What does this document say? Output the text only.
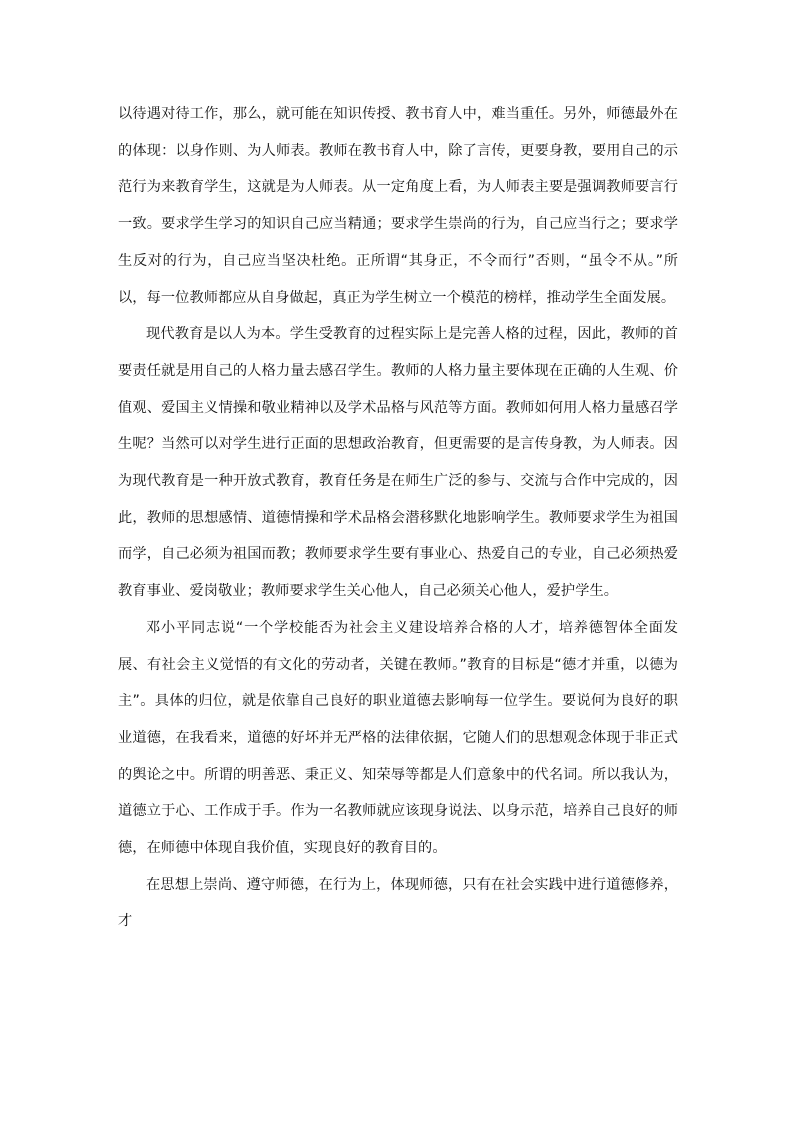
以待遇对待工作，那么，就可能在知识传授、教书育人中，难当重任。另外，师德最外在的体现：以身作则、为人师表。教师在教书育人中，除了言传，更要身教，要用自己的示范行为来教育学生，这就是为人师表。从一定角度上看，为人师表主要是强调教师要言行一致。要求学生学习的知识自己应当精通；要求学生崇尚的行为，自己应当行之；要求学生反对的行为，自己应当坚决杜绝。正所谓“其身正，不令而行”否则，“虽令不从。”所以，每一位教师都应从自身做起，真正为学生树立一个模范的榜样，推动学生全面发展。

现代教育是以人为本。学生受教育的过程实际上是完善人格的过程，因此，教师的首要责任就是用自己的人格力量去感召学生。教师的人格力量主要体现在正确的人生观、价值观、爱国主义情操和敬业精神以及学术品格与风范等方面。教师如何用人格力量感召学生呢？当然可以对学生进行正面的思想政治教育，但更需要的是言传身教，为人师表。因为现代教育是一种开放式教育，教育任务是在师生广泛的参与、交流与合作中完成的，因此，教师的思想感情、道德情操和学术品格会潜移默化地影响学生。教师要求学生为祖国而学，自己必须为祖国而教；教师要求学生要有事业心、热爱自己的专业，自己必须热爱教育事业、爱岗敬业；教师要求学生关心他人，自己必须关心他人，爱护学生。

邓小平同志说“一个学校能否为社会主义建设培养合格的人才，培养德智体全面发展、有社会主义觉悟的有文化的劳动者，关键在教师。”教育的目标是“德才并重，以德为主”。具体的归位，就是依靠自己良好的职业道德去影响每一位学生。要说何为良好的职业道德，在我看来，道德的好坏并无严格的法律依据，它随人们的思想观念体现于非正式的舆论之中。所谓的明善恶、秉正义、知荣辱等都是人们意象中的代名词。所以我认为，道德立于心、工作成于手。作为一名教师就应该现身说法、以身示范，培养自己良好的师德，在师德中体现自我价值，实现良好的教育目的。

在思想上崇尚、遵守师德，在行为上，体现师德，只有在社会实践中进行道德修养，才
